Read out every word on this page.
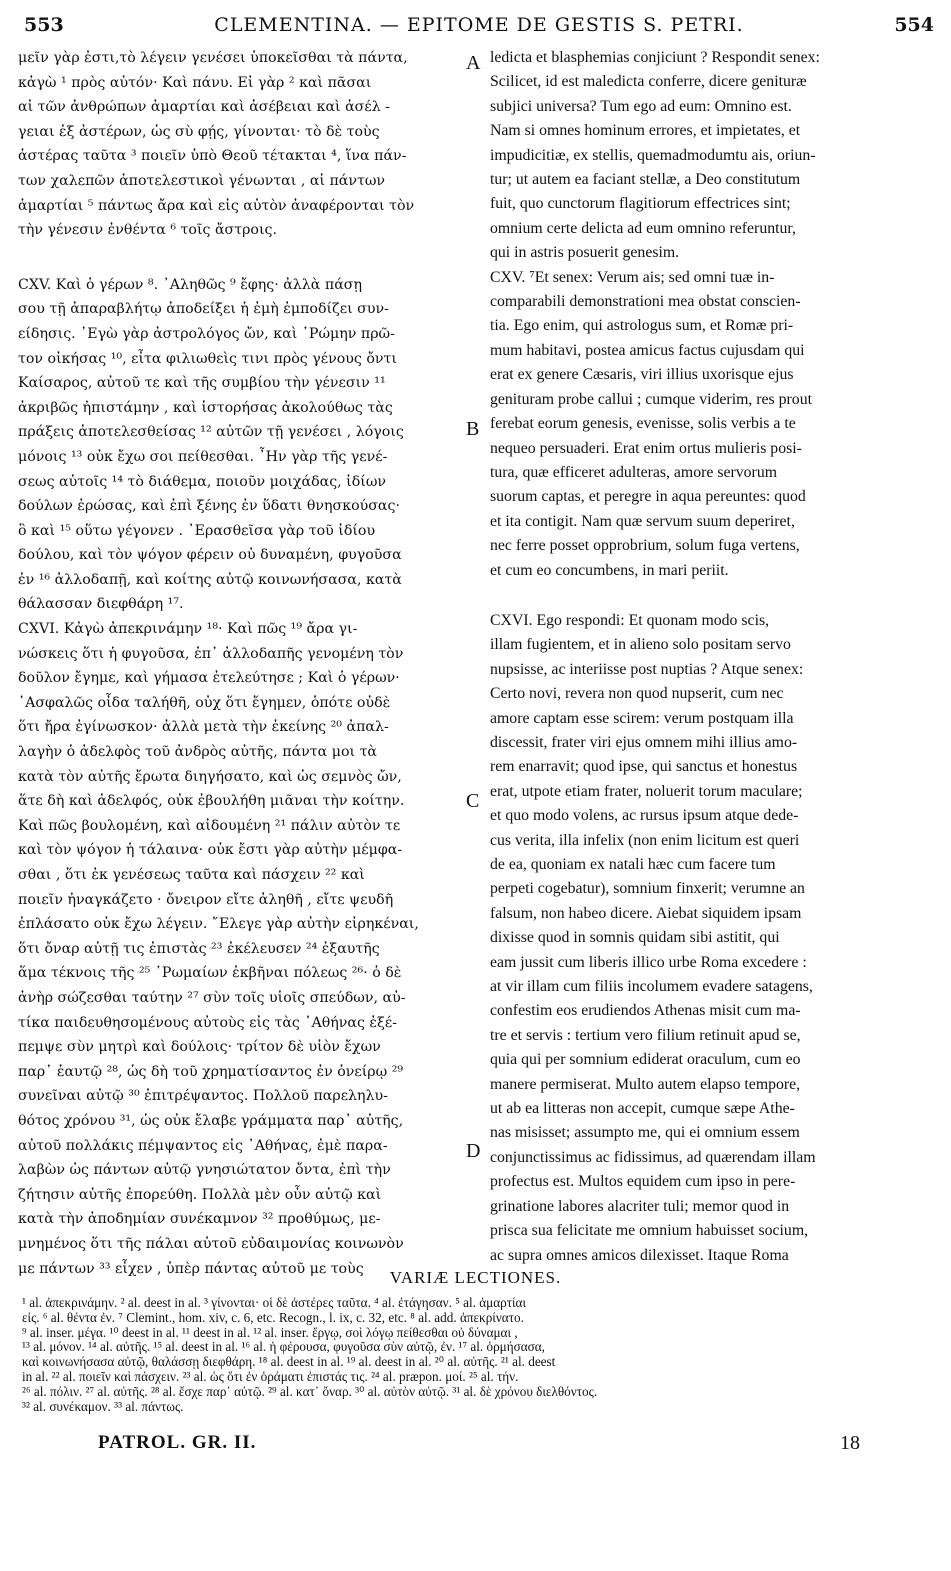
553	CLEMENTINA. — EPITOME DE GESTIS S. PETRI.	554

μεῖν γὰρ ἐστι,τὸ λέγειν γενέσει ὑποκεῖσθαι τὰ πάντα,
κἀγὼ ¹ πρὸς αὐτόν· Καὶ πάνυ. Εἰ γὰρ ² καὶ πᾶσαι
αἱ τῶν ἀνθρώπων ἁμαρτίαι καὶ ἀσέβειαι καὶ ἀσέλ -
γειαι ἐξ ἀστέρων, ὡς σὺ φῄς, γίνονται· τὸ δὲ τοὺς
ἀστέρας ταῦτα ³ ποιεῖν ὑπὸ Θεοῦ τέτακται ⁴, ἵνα πάν-
των χαλεπῶν ἀποτελεστικοὶ γένωνται , αἱ πάντων
ἁμαρτίαι ⁵ πάντως ἄρα καὶ εἰς αὐτὸν ἀναφέρονται τὸν
τὴν γένεσιν ἐνθέντα ⁶ τοῖς ἄστροις.

CXV. Καὶ ὁ γέρων ⁸. ᾿Αληθῶς ⁹ ἔφης· ἀλλὰ πάσῃ
σου τῇ ἀπαραβλήτῳ ἀποδείξει ἡ ἐμὴ ἐμποδίζει συν-
είδησις. ᾿Εγὼ γὰρ ἀστρολόγος ὤν, καὶ ῾Ρώμην πρῶ-
τον οἰκήσας ¹⁰, εἶτα φιλιωθεὶς τινι πρὸς γένους ὄντι
Καίσαρος, αὐτοῦ τε καὶ τῆς συμβίου τὴν γένεσιν ¹¹
ἀκριβῶς ἠπιστάμην , καὶ ἱστορήσας ἀκολούθως τὰς
πράξεις ἀποτελεσθείσας ¹² αὐτῶν τῇ γενέσει , λόγοις
μόνοις ¹³ οὐκ ἔχω σοι πείθεσθαι. ῏Ην γὰρ τῆς γενέ-
σεως αὐτοῖς ¹⁴ τὸ διάθεμα, ποιοῦν μοιχάδας, ἰδίων
δούλων ἐρώσας, καὶ ἐπὶ ξένης ἐν ὕδατι θνησκούσας·
ὃ καὶ ¹⁵ οὕτω γέγονεν . ᾿Ερασθεῖσα γὰρ τοῦ ἰδίου
δούλου, καὶ τὸν ψόγον φέρειν οὐ δυναμένη, φυγοῦσα
ἐν ¹⁶ ἀλλοδαπῇ, καὶ κοίτης αὐτῷ κοινωνήσασα, κατὰ
θάλασσαν διεφθάρη ¹⁷.

CXVI. Κἀγὼ ἀπεκρινάμην ¹⁸· Καὶ πῶς ¹⁹ ἄρα γι-
νώσκεις ὅτι ἡ φυγοῦσα, ἐπ᾿ ἀλλοδαπῆς γενομένη τὸν
δοῦλον ἔγημε, καὶ γήμασα ἐτελεύτησε ; Καὶ ὁ γέρων·
᾿Ασφαλῶς οἶδα ταλήθῆ, οὐχ ὅτι ἔγημεν, ὁπότε οὐδὲ
ὅτι ἤρα ἐγίνωσκον· ἀλλὰ μετὰ τὴν ἐκείνης ²⁰ ἀπαλ-
λαγὴν ὁ ἀδελφὸς τοῦ ἀνδρὸς αὐτῆς, πάντα μοι τὰ
κατὰ τὸν αὐτῆς ἔρωτα διηγήσατο, καὶ ὡς σεμνὸς ὤν,
ἅτε δὴ καὶ ἀδελφός, οὐκ ἐβουλήθη μιᾶναι τὴν κοίτην.
Καὶ πῶς βουλομένη, καὶ αἰδουμένη ²¹ πάλιν αὐτὸν τε
καὶ τὸν ψόγον ἡ τάλαινα· οὐκ ἔστι γὰρ αὐτὴν μέμφα-
σθαι , ὅτι ἐκ γενέσεως ταῦτα καὶ πάσχειν ²² καὶ
ποιεῖν ἠναγκάζετο · ὄνειρον εἴτε ἀληθῆ , εἴτε ψευδῆ
ἐπλάσατο οὐκ ἔχω λέγειν. ῎Ελεγε γὰρ αὐτὴν εἰρηκέναι,
ὅτι ὄναρ αὐτῇ τις ἐπιστὰς ²³ ἐκέλευσεν ²⁴ ἐξαυτῆς
ἅμα τέκνοις τῆς ²⁵ ῾Ρωμαίων ἐκβῆναι πόλεως ²⁶· ὁ δὲ
ἀνὴρ σώζεσθαι ταύτην ²⁷ σὺν τοῖς υἱοῖς σπεύδων, αὐ-
τίκα παιδευθησομένους αὐτοὺς εἰς τὰς ᾿Αθήνας ἐξέ-
πεμψε σὺν μητρὶ καὶ δούλοις· τρίτον δὲ υἱὸν ἔχων
παρ᾿ ἑαυτῷ ²⁸, ὡς δὴ τοῦ χρηματίσαντος ἐν ὀνείρῳ ²⁹
συνεῖναι αὐτῷ ³⁰ ἐπιτρέψαντος. Πολλοῦ παρεληλυ-
θότος χρόνου ³¹, ὡς οὐκ ἔλαβε γράμματα παρ᾿ αὐτῆς,
αὐτοῦ πολλάκις πέμψαντος εἰς ᾿Αθήνας, ἐμὲ παρα-
λαβὼν ὡς πάντων αὐτῷ γνησιώτατον ὄντα, ἐπὶ τὴν
ζήτησιν αὐτῆς ἐπορεύθη. Πολλὰ μὲν οὖν αὐτῷ καὶ
κατὰ τὴν ἀποδημίαν συνέκαμνον ³² προθύμως, με-
μνημένος ὅτι τῆς πάλαι αὐτοῦ εὐδαιμονίας κοινωνὸν
με πάντων ³³ εἶχεν , ὑπὲρ πάντας αὐτοῦ με τοὺς

A
B
C
D

ledicta et blasphemias conjiciunt ? Respondit senex:
Scilicet, id est maledicta conferre, dicere genituræ
subjici universa? Tum ego ad eum: Omnino est.
Nam si omnes hominum errores, et impietates, et
impudicitiæ, ex stellis, quemadmodumtu ais, oriun-
tur; ut autem ea faciant stellæ, a Deo constitutum
fuit, quo cunctorum flagitiorum effectrices sint;
omnium certe delicta ad eum omnino referuntur,
qui in astris posuerit genesim.

CXV. ⁷Et senex: Verum ais; sed omni tuæ in-
comparabili demonstrationi mea obstat conscien-
tia. Ego enim, qui astrologus sum, et Romæ pri-
mum habitavi, postea amicus factus cujusdam qui
erat ex genere Cæsaris, viri illius uxorisque ejus
genituram probe callui ; cumque viderim, res prout
ferebat eorum genesis, evenisse, solis verbis a te
nequeo persuaderi. Erat enim ortus mulieris posi-
tura, quæ efficeret adulteras, amore servorum
suorum captas, et peregre in aqua pereuntes: quod
et ita contigit. Nam quæ servum suum deperiret,
nec ferre posset opprobrium, solum fuga vertens,
et cum eo concumbens, in mari periit.

CXVI. Ego respondi: Et quonam modo scis,
illam fugientem, et in alieno solo positam servo
nupsisse, ac interiisse post nuptias ? Atque senex:
Certo novi, revera non quod nupserit, cum nec
amore captam esse scirem: verum postquam illa
discessit, frater viri ejus omnem mihi illius amo-
rem enarravit; quod ipse, qui sanctus et honestus
erat, utpote etiam frater, noluerit torum maculare;
et quo modo volens, ac rursus ipsum atque dede-
cus verita, illa infelix (non enim licitum est queri
de ea, quoniam ex natali hæc cum facere tum
perpeti cogebatur), somnium finxerit; verumne an
falsum, non habeo dicere. Aiebat siquidem ipsam
dixisse quod in somnis quidam sibi astitit, qui
eam jussit cum liberis illico urbe Roma excedere :
at vir illam cum filiis incolumem evadere satagens,
confestim eos erudiendos Athenas misit cum ma-
tre et servis : tertium vero filium retinuit apud se,
quia qui per somnium ediderat oraculum, cum eo
manere permiserat. Multo autem elapso tempore,
ut ab ea litteras non accepit, cumque sæpe Athe-
nas misisset; assumpto me, qui ei omnium essem
conjunctissimus ac fidissimus, ad quærendam illam
profectus est. Multos equidem cum ipso in pere-
grinatione labores alacriter tuli; memor quod in
prisca sua felicitate me omnium habuisset socium,
ac supra omnes amicos dilexisset. Itaque Roma

VARIÆ LECTIONES.
¹ al. ἀπεκρινάμην. ² al. deest in al. ³ γίνονται· οἱ δὲ ἀστέρες ταῦτα. ⁴ al. ἐτάγησαν. ⁵ al. ἁμαρτίαι
εἰς. ⁶ al. θέντα ἐν. ⁷ Clemint., hom. xiv, c. 6, etc. Recogn., l. ix, c. 32, etc. ⁸ al. add. ἀπεκρίνατο.
⁹ al. inser. μέγα. ¹⁰ deest in al. ¹¹ deest in al. ¹² al. inser. ἔργῳ, σοὶ λόγῳ πείθεσθαι οὐ δύναμαι ,
¹³ al. μόνον. ¹⁴ al. αὐτῆς. ¹⁵ al. deest in al. ¹⁶ al. ἡ φέρουσα, φυγοῦσα σὺν αὐτῷ, ἐν. ¹⁷ al. ὁρμήσασα,
καὶ κοινωνήσασα αὐτῷ, θαλάσσῃ διεφθάρη. ¹⁸ al. deest in al. ¹⁹ al. deest in al. ²⁰ al. αὐτῆς. ²¹ al. deest
in al. ²² al. ποιεῖν καὶ πάσχειν. ²³ al. ὡς ὅτι ἐν ὁράματι ἐπιστάς τις. ²⁴ al. præpon. μοί. ²⁵ al. τήν.
²⁶ al. πόλιν. ²⁷ al. αὐτῆς. ²⁸ al. ἔσχε παρ᾿ αὐτῷ. ²⁹ al. κατ᾿ ὄναρ. ³⁰ al. αὐτὸν αὐτῷ. ³¹ al. δὲ χρόνου διελθόντος.
³² al. συνέκαμον. ³³ al. πάντως.
PATROL. GR. II.	18
